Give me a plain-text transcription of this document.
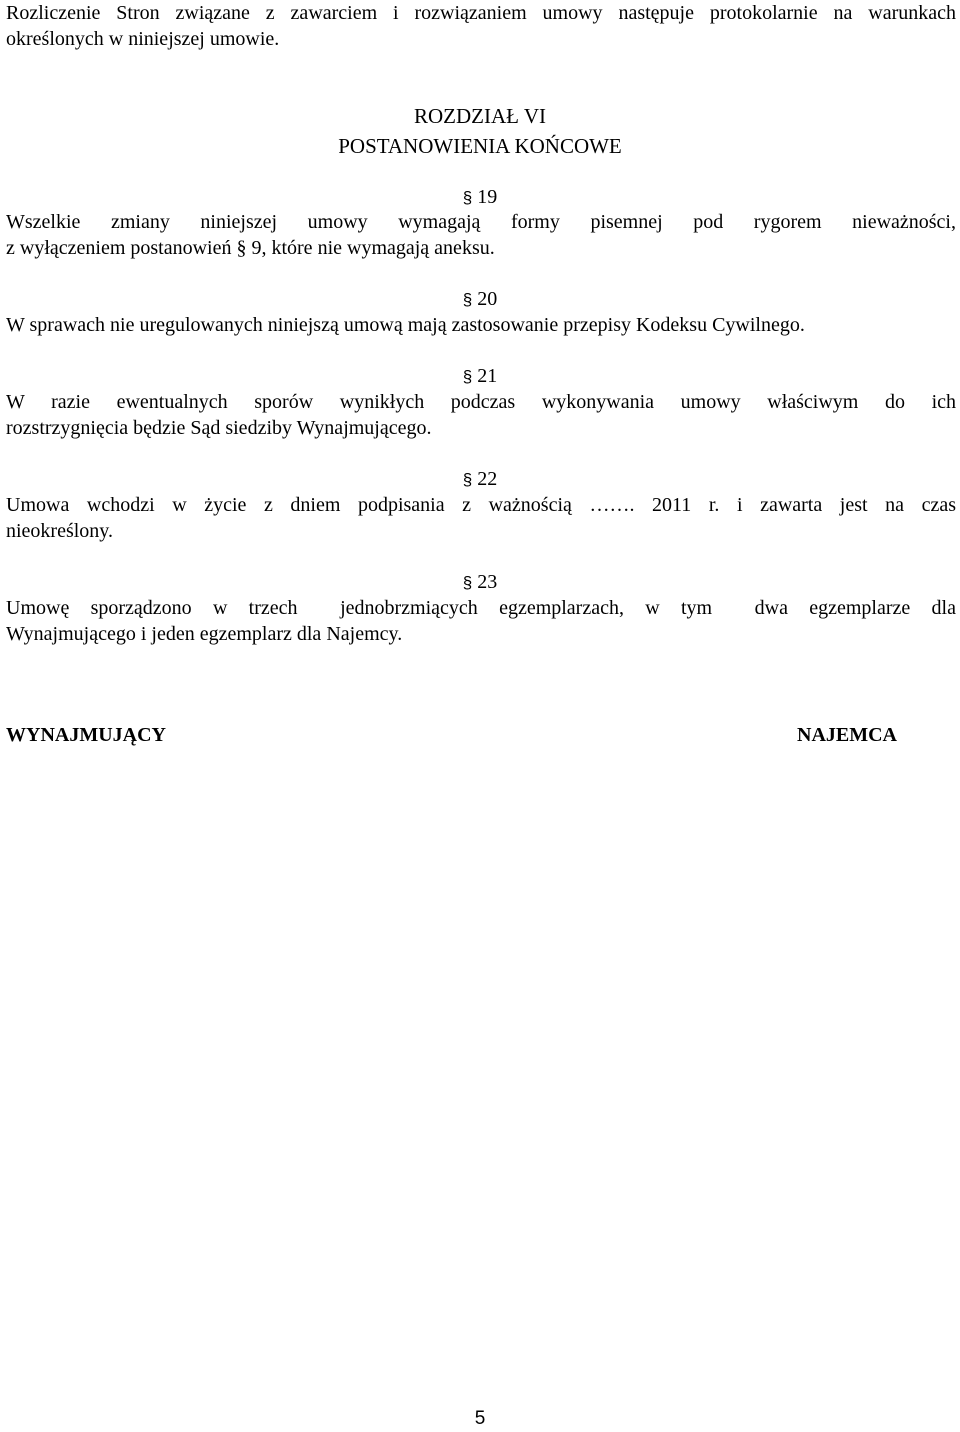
Rozliczenie Stron związane z zawarciem i rozwiązaniem umowy następuje protokolarnie na warunkach
określonych w niniejszej umowie.
ROZDZIAŁ VI
POSTANOWIENIA KOŃCOWE
§ 19
Wszelkie zmiany niniejszej umowy wymagają formy pisemnej pod rygorem nieważności,
z wyłączeniem postanowień § 9, które nie wymagają aneksu.
§ 20
W sprawach nie uregulowanych niniejszą umową mają zastosowanie przepisy Kodeksu Cywilnego.
§ 21
W razie ewentualnych sporów wynikłych podczas wykonywania umowy właściwym do ich
rozstrzygnięcia będzie Sąd siedziby Wynajmującego.
§ 22
Umowa wchodzi w życie z dniem podpisania z ważnością ……. 2011 r. i zawarta jest na czas
nieokreślony.
§ 23
Umowę sporządzono w trzech  jednobrzmiących egzemplarzach, w tym  dwa egzemplarze dla
Wynajmującego i jeden egzemplarz dla Najemcy.
WYNAJMUJĄCY	NAJEMCA
5
